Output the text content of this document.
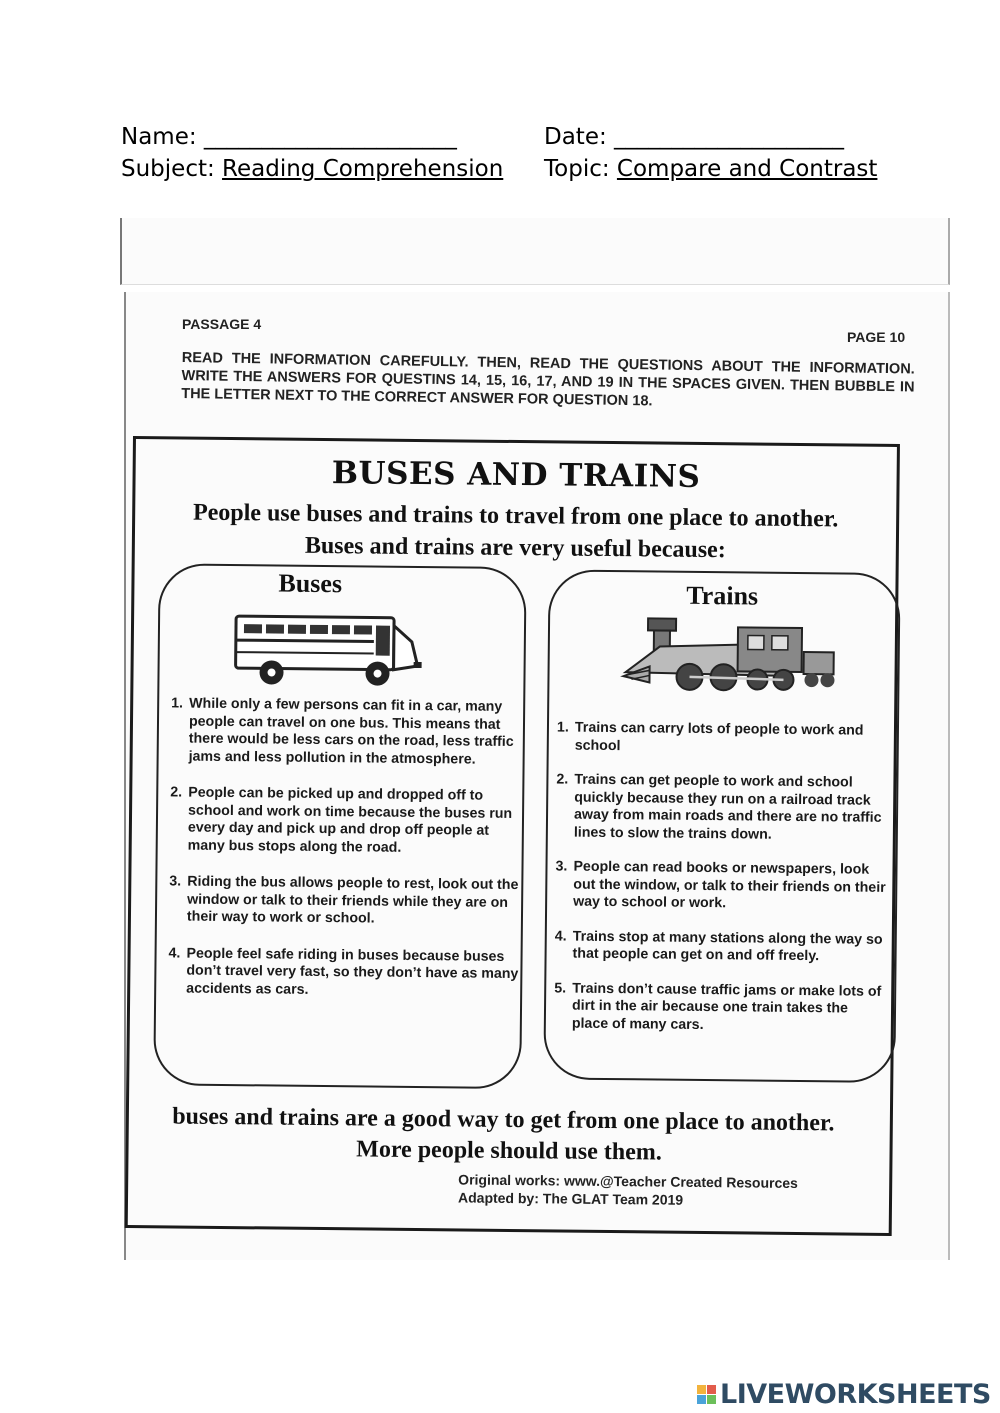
Name: ______________________	Date: ____________________
Subject: Reading Comprehension Topic: Compare and Contrast
PASSAGE 4
PAGE 10
READ THE INFORMATION CAREFULLY. THEN, READ THE QUESTIONS ABOUT THE INFORMATION. WRITE THE ANSWERS FOR QUESTINS 14, 15, 16, 17, AND 19 IN THE SPACES GIVEN. THEN BUBBLE IN THE LETTER NEXT TO THE CORRECT ANSWER FOR QUESTION 18.
BUSES AND TRAINS
People use buses and trains to travel from one place to another.
Buses and trains are very useful because:
Buses
1. While only a few persons can fit in a car, many people can travel on one bus. This means that there would be less cars on the road, less traffic jams and less pollution in the atmosphere.
2. People can be picked up and dropped off to school and work on time because the buses run every day and pick up and drop off people at many bus stops along the road.
3. Riding the bus allows people to rest, look out the window or talk to their friends while they are on their way to work or school.
4. People feel safe riding in buses because buses don’t travel very fast, so they don’t have as many accidents as cars.
Trains
1. Trains can carry lots of people to work and school
2. Trains can get people to work and school quickly because they run on a railroad track away from main roads and there are no traffic lines to slow the trains down.
3. People can read books or newspapers, look out the window, or talk to their friends on their way to school or work.
4. Trains stop at many stations along the way so that people can get on and off freely.
5. Trains don’t cause traffic jams or make lots of dirt in the air because one train takes the place of many cars.
buses and trains are a good way to get from one place to another.
More people should use them.
Original works: www.@Teacher Created Resources
Adapted by: The GLAT Team 2019
LIVEWORKSHEETS
